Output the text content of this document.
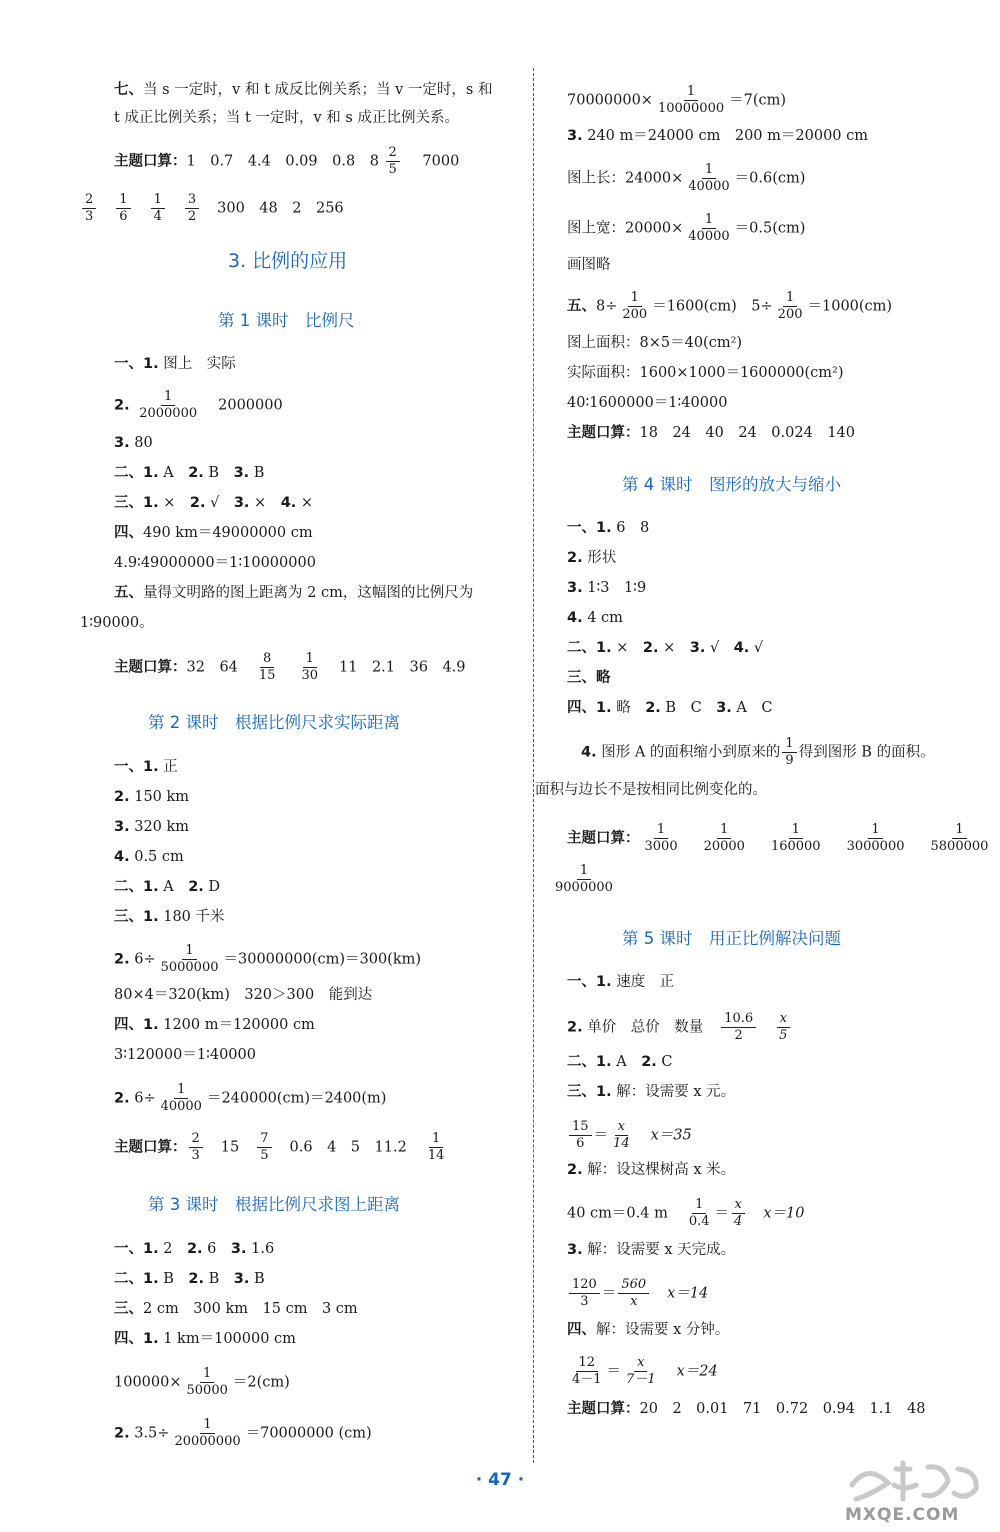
七、当 s 一定时，v 和 t 成反比例关系；当 v 一定时，s 和
t 成正比例关系；当 t 一定时，v 和 s 成正比例关系。
主题口算：1　0.7　4.4　0.09　0.8　$8 \frac{2}{5} 7000$
$\frac{2}{3} \frac{1}{6} \frac{1}{4} \frac{3}{2} 300$　48　2　256
3. 比例的应用
第 1 课时　比例尺
一、1. 图上　实际
2. $\frac{1}{2000000} 2000000$
3. 80
二、1. A　2. B　3. B
三、1. ×　2. √　3. ×　4. ×
四、490 km＝49000000 cm
4.9∶49000000＝1∶10000000
五、量得文明路的图上距离为 2 cm，这幅图的比例尺为
1∶90000。
主题口算：32　$64 \frac{8}{15} \frac{1}{30} 11$　2.1　36　4.9
第 2 课时　根据比例尺求实际距离
一、1. 正
2. 150 km
3. 320 km
4. 0.5 cm
二、1. A　2. D
三、1. 180 千米
2. $6\div \frac{1}{5000000} =30000000(cm)=300(km)$
80×4＝320(km)　320＞300　能到达
四、1. 1200 m＝120000 cm
3∶120000＝1∶40000
2. $6\div \frac{1}{40000} =240000(cm)=2400(m)$
主题口算： $\frac{2}{3} 15 \frac{7}{5} 0.6$　4　5　$11.2 \frac{1}{14}$
第 3 课时　根据比例尺求图上距离
一、1. 2　2. 6　3. 1.6
二、1. B　2. B　3. B
三、2 cm　300 km　15 cm　3 cm
四、1. 1 km＝100000 cm
$100000\times \frac{1}{50000} =2(cm)$
2. $3.5\div \frac{1}{20000000} =70000000$ (cm)
$70000000\times \frac{1}{10000000} =7(cm)$
3. 240 m＝24000 cm　200 m＝20000 cm
图上长：$24000\times \frac{1}{40000} =0.6(cm)$
图上宽：$20000\times \frac{1}{40000} =0.5(cm)$
画图略
五、$8\div \frac{1}{200} =1600(cm)$　$5\div \frac{1}{200} =1000(cm)$
图上面积：8×5＝40(cm²)
实际面积：1600×1000＝1600000(cm²)
40∶1600000＝1∶40000
主题口算：18　24　40　24　0.024　140
第 4 课时　图形的放大与缩小
一、1. 6　8
2. 形状
3. 1∶3　1∶9
4. 4 cm
二、1. ×　2. ×　3. √　4. √
三、略
四、1. 略　2. B　C　3. A　C
4. 图形 A 的面积缩小到原来的 $\frac{1}{9}$ 得到图形 B 的面积。
面积与边长不是按相同比例变化的。
主题口算： $\frac{1}{3000} \frac{1}{20000} \frac{1}{160000} \frac{1}{3000000} \frac{1}{5800000}$
$\frac{1}{9000000}$
第 5 课时　用正比例解决问题
一、1. 速度　正
2. 单价　总价　数量 $\frac{10.6}{2} \frac{x}{5}$
二、1. A　2. C
三、1. 解：设需要 x 元。
$\frac{15}{6} = \frac{x}{14} x=35$
2. 解：设这棵树高 x 米。
40 cm＝0.4 m $\frac{1}{0.4} = \frac{x}{4} x=10$
3. 解：设需要 x 天完成。
$\frac{120}{3} = \frac{560}{x} x=14$
四、解：设需要 x 分钟。
$\frac{12}{4-1} = \frac{x}{7-1} x=24$
主题口算：20　2　0.01　71　0.72　0.94　1.1　48
· 47 ·
MXQE.COM
